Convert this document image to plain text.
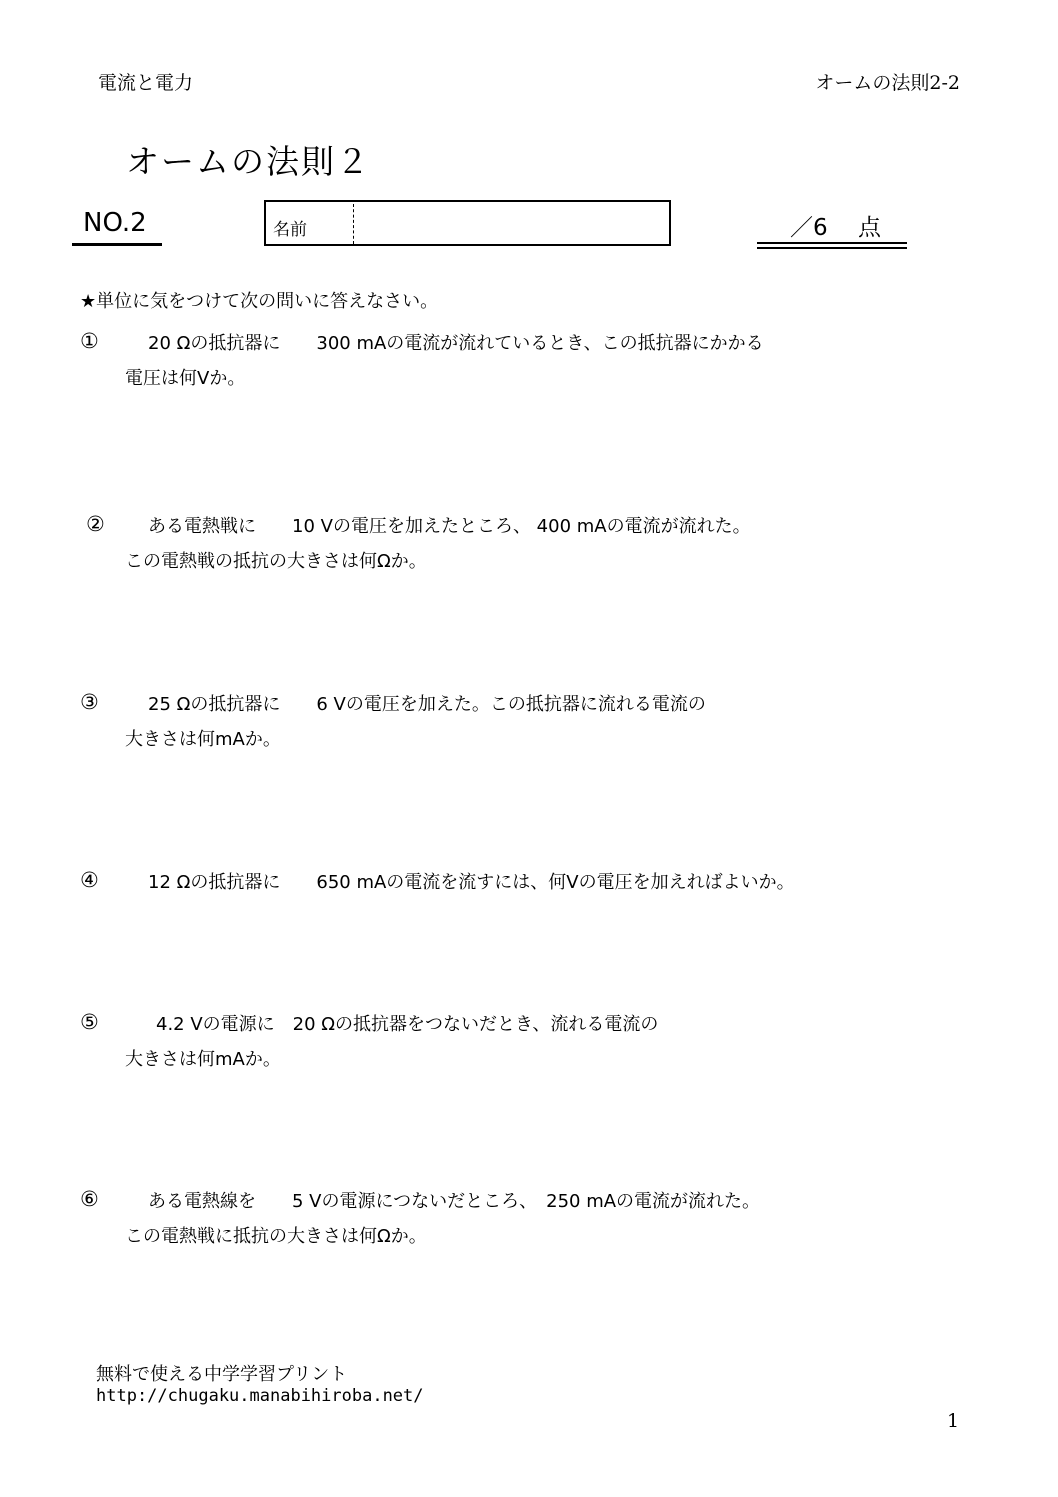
電流と電力	オームの法則2-2
オームの法則２
NO.2	名前	／6　 点
★単位に気をつけて次の問いに答えなさい。
①	20 Ωの抵抗器に　　300 mAの電流が流れているとき、この抵抗器にかかる
電圧は何Vか。
② ある電熱戦に　　10 Vの電圧を加えたところ、 400 mAの電流が流れた。
この電熱戦の抵抗の大きさは何Ωか。
③	25 Ωの抵抗器に　　6 Vの電圧を加えた。この抵抗器に流れる電流の
大きさは何mAか。
④	12 Ωの抵抗器に　　650 mAの電流を流すには、何Vの電圧を加えればよいか。
⑤	4.2 Vの電源に　20 Ωの抵抗器をつないだとき、流れる電流の
大きさは何mAか。
⑥	ある電熱線を　　5 Vの電源につないだところ、　250 mAの電流が流れた。
この電熱戦に抵抗の大きさは何Ωか。
無料で使える中学学習プリント
http://chugaku.manabihiroba.net/
1
